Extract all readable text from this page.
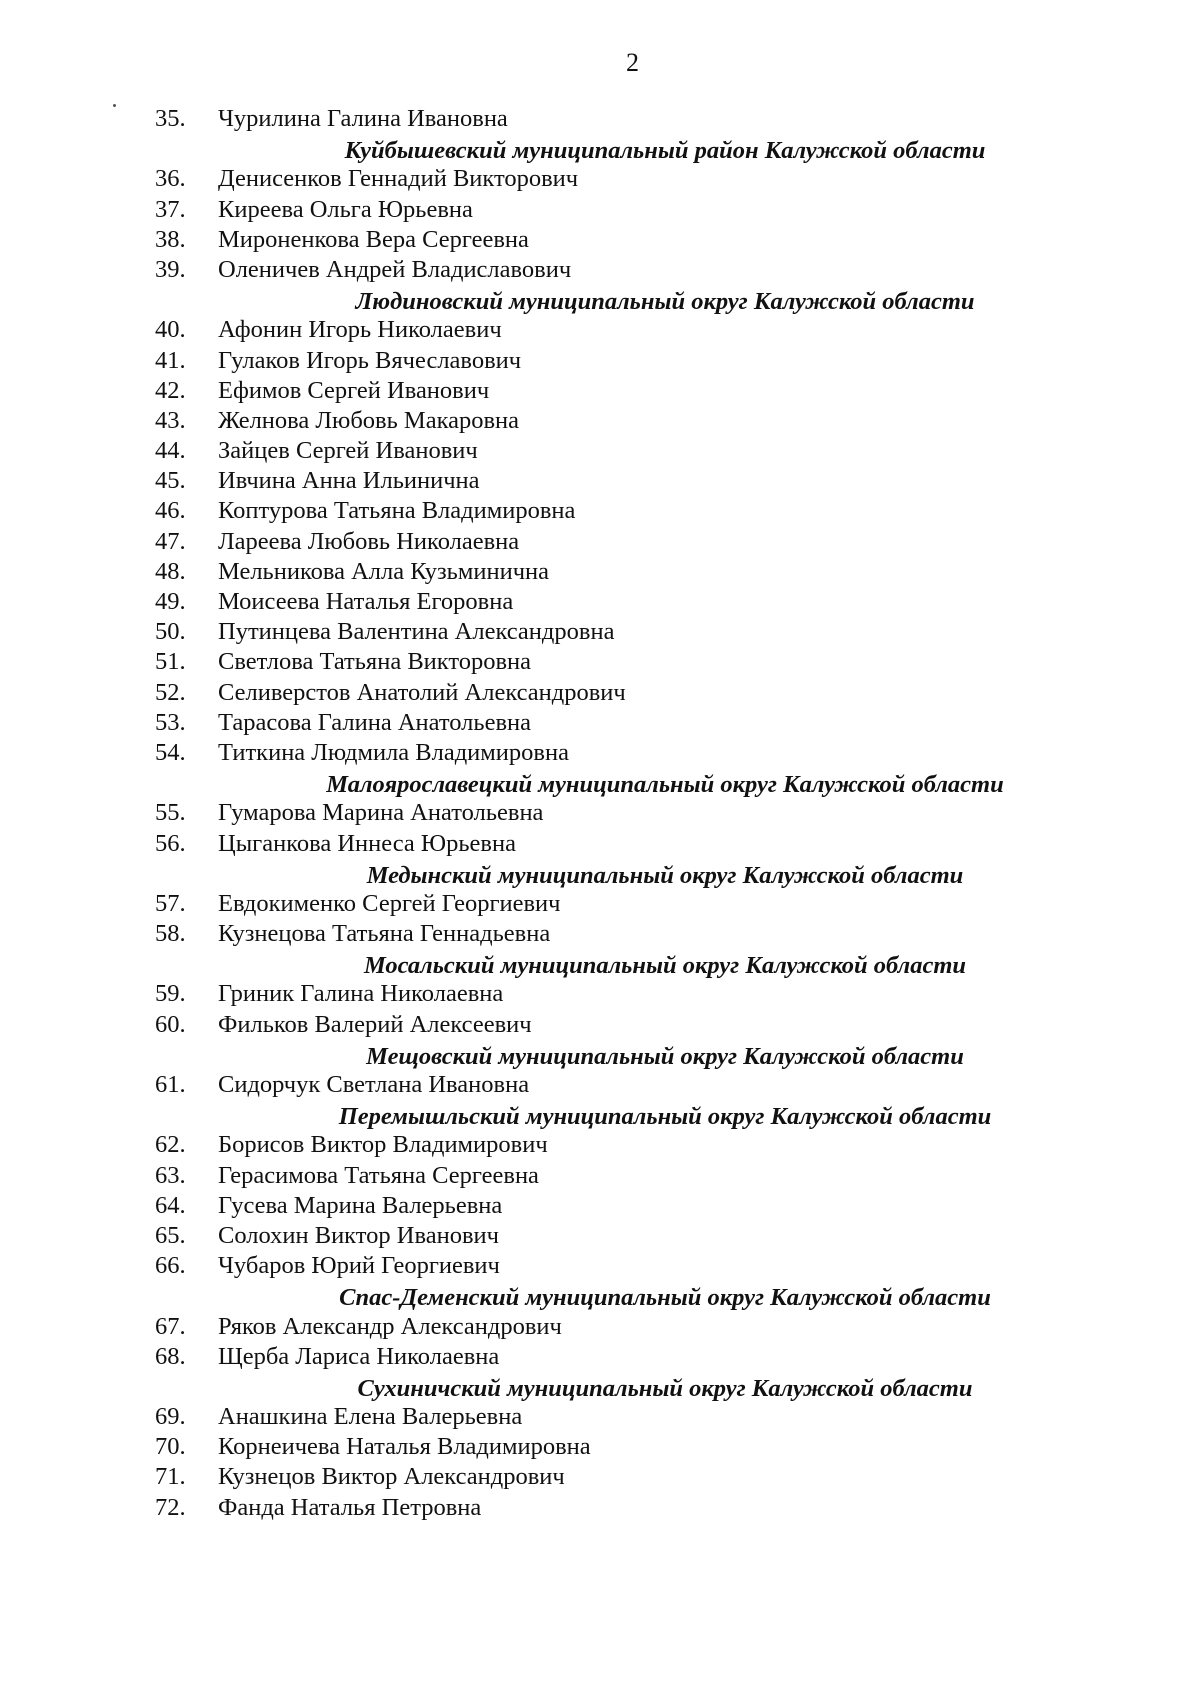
2
35.	Чурилина Галина Ивановна
Куйбышевский муниципальный район Калужской области
36.	Денисенков Геннадий Викторович
37.	Киреева Ольга Юрьевна
38.	Мироненкова Вера Сергеевна
39.	Оленичев Андрей Владиславович
Людиновский муниципальный округ Калужской области
40.	Афонин Игорь Николаевич
41.	Гулаков Игорь Вячеславович
42.	Ефимов Сергей Иванович
43.	Желнова Любовь Макаровна
44.	Зайцев Сергей Иванович
45.	Ивчина Анна Ильинична
46.	Коптурова Татьяна Владимировна
47.	Лареева Любовь Николаевна
48.	Мельникова Алла Кузьминична
49.	Моисеева Наталья Егоровна
50.	Путинцева Валентина Александровна
51.	Светлова Татьяна Викторовна
52.	Селиверстов Анатолий Александрович
53.	Тарасова Галина Анатольевна
54.	Титкина Людмила Владимировна
Малоярославецкий муниципальный округ Калужской области
55.	Гумарова Марина Анатольевна
56.	Цыганкова Иннеса Юрьевна
Медынский муниципальный округ Калужской области
57.	Евдокименко Сергей Георгиевич
58.	Кузнецова Татьяна Геннадьевна
Мосальский муниципальный округ Калужской области
59.	Гриник Галина Николаевна
60.	Фильков Валерий Алексеевич
Мещовский муниципальный округ Калужской области
61.	Сидорчук Светлана Ивановна
Перемышльский муниципальный округ Калужской области
62.	Борисов Виктор Владимирович
63.	Герасимова Татьяна Сергеевна
64.	Гусева Марина Валерьевна
65.	Солохин Виктор Иванович
66.	Чубаров Юрий Георгиевич
Спас-Деменский муниципальный округ Калужской области
67.	Ряков Александр Александрович
68.	Щерба Лариса Николаевна
Сухиничский муниципальный округ Калужской области
69.	Анашкина Елена Валерьевна
70.	Корнеичева Наталья Владимировна
71.	Кузнецов Виктор Александрович
72.	Фанда Наталья Петровна
